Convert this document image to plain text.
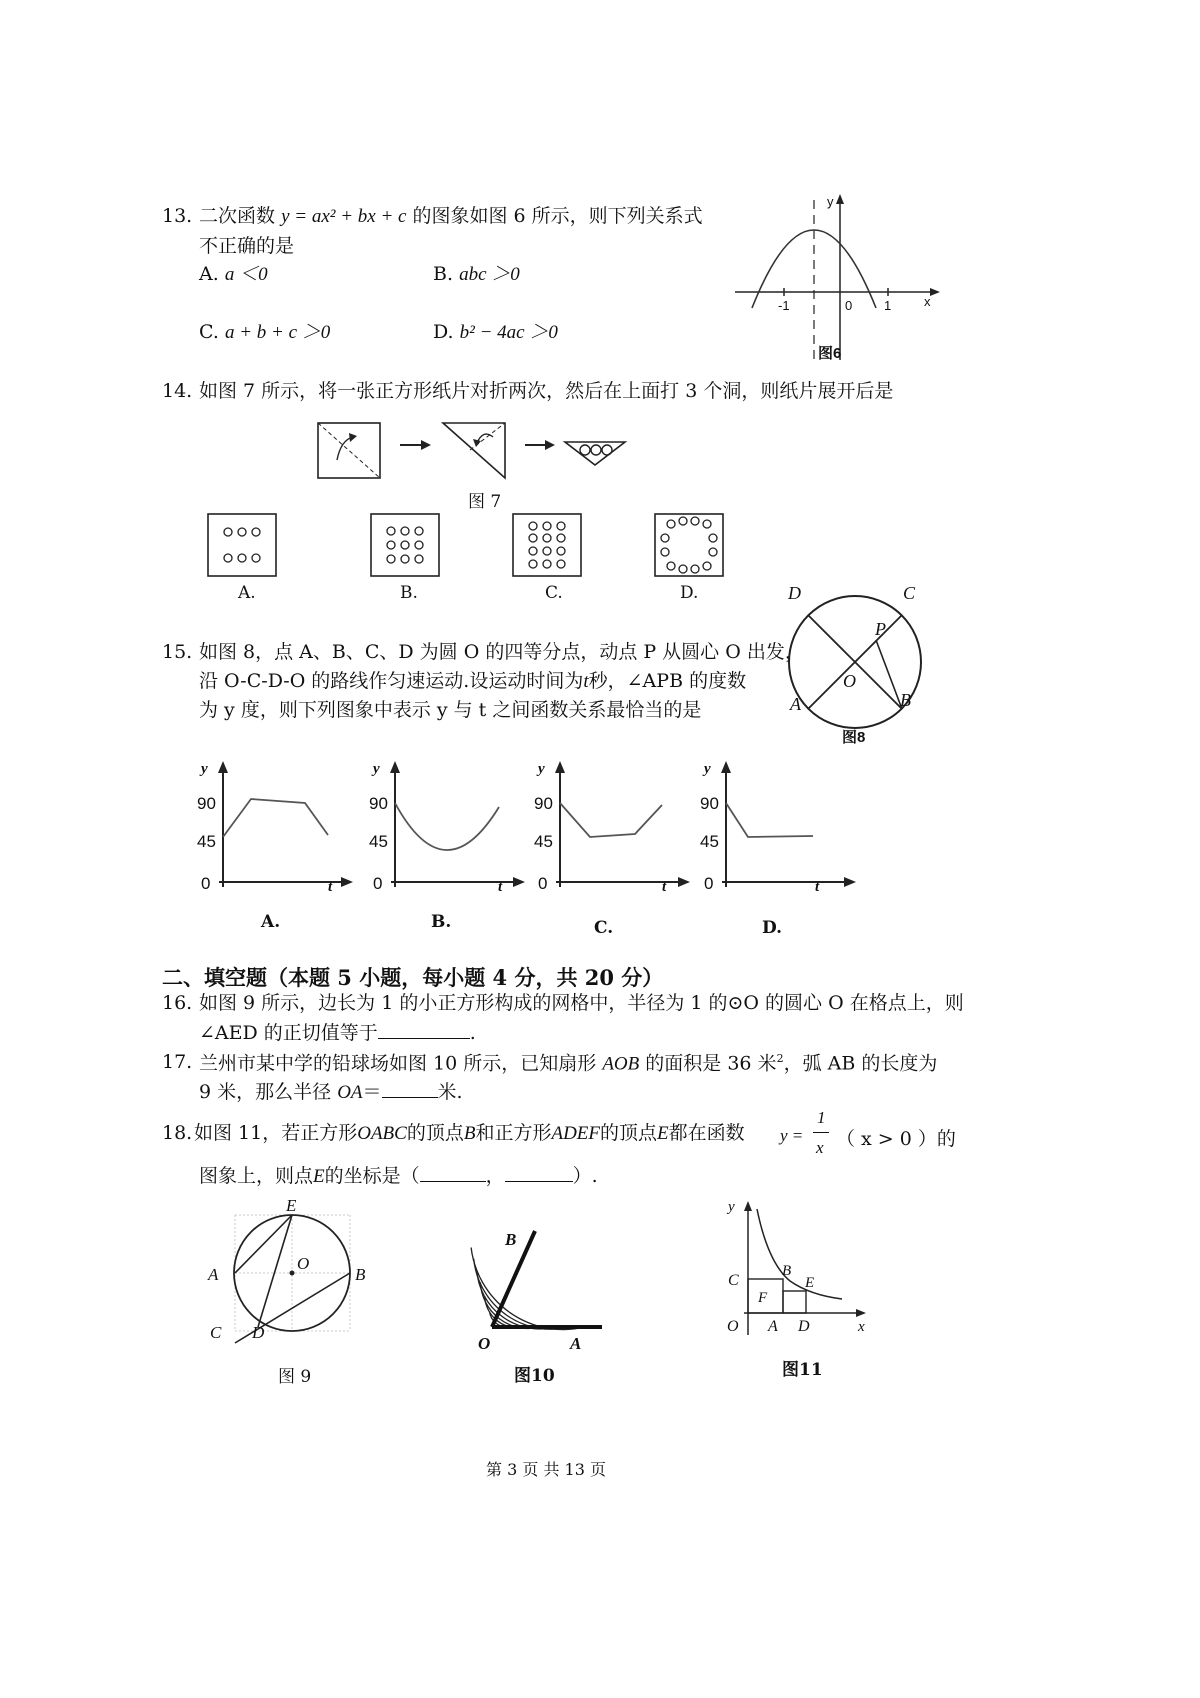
13. 二次函数 y = ax² + bx + c 的图象如图 6 所示，则下列关系式
不正确的是
A. a ＜0	B. abc ＞0
C. a + b + c ＞0	D. b² − 4ac ＞0
y
x
-1	0 1
图6
14. 如图 7 所示，将一张正方形纸片对折两次，然后在上面打 3 个洞，则纸片展开后是
图 7
A.	B.	C.	D.
15. 如图 8，点 A、B、C、D 为圆 O 的四等分点，动点 P 从圆心 O 出发，
沿 O-C-D-O 的路线作匀速运动.设运动时间为t秒，∠APB 的度数
为 y 度，则下列图象中表示 y 与 t 之间函数关系最恰当的是
D	C
P
O
A	B
图8
y
90
45
0	t
y
90
45
0	t
y
90
45
0	t
y
90
45
0	t
A.	B.	C.	D.
二、填空题（本题 5 小题，每小题 4 分，共 20 分）
16. 如图 9 所示，边长为 1 的小正方形构成的网格中，半径为 1 的⊙O 的圆心 O 在格点上，则
∠AED 的正切值等于	.
17. 兰州市某中学的铅球场如图 10 所示，已知扇形 AOB 的面积是 36 米$^2$，弧 AB 的长度为
9 米，那么半径 OA＝	米.
18. 如图 11，若正方形OABC的顶点B和正方形ADEF的顶点E都在函数 y =
1
x （ x > 0 ）的
图象上，则点E的坐标是（	，	）.
E
A
O
B
C D
图 9
B
O	A
图10
y
C
B
E
F
O A D	x
图11
第 3 页 共 13 页
